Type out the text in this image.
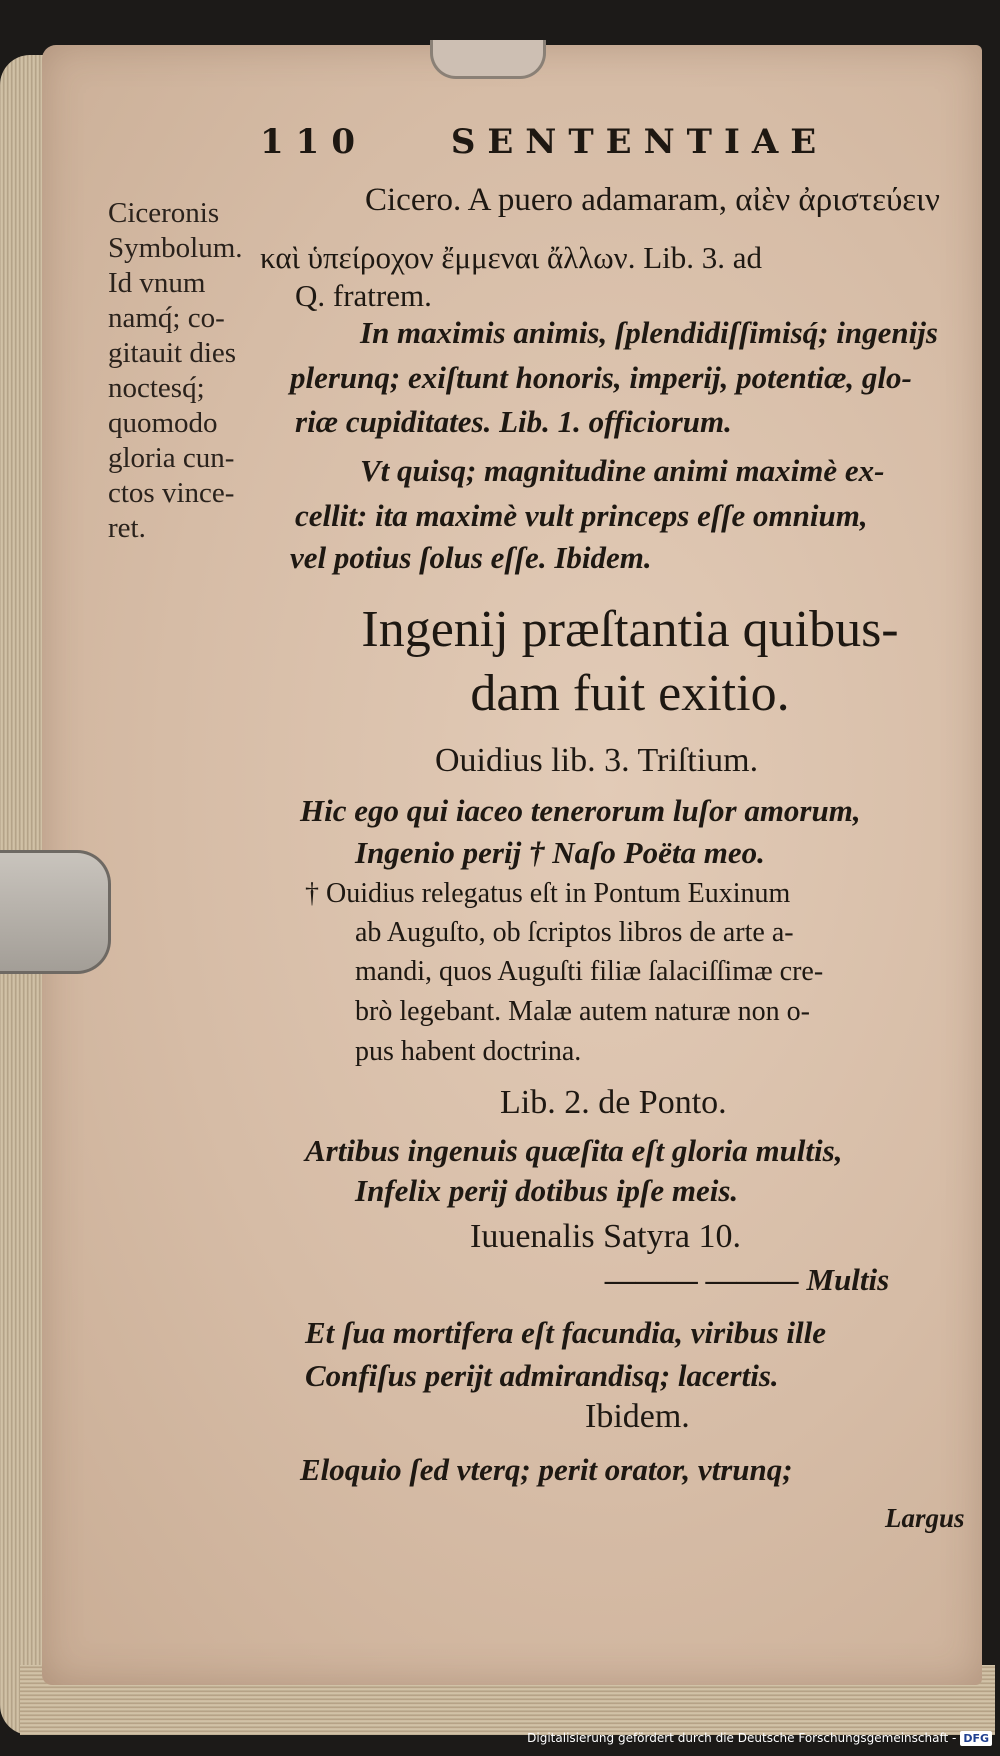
110 SENTENTIAE
Ciceronis
Symbolum.
Id vnum
namq́; co-
gitauit dies
noctesq́;
quomodo
gloria cun-
ctos vince-
ret.
Cicero. A puero adamaram, αἰὲν ἀριστεύειν
καὶ ὑπείροχον ἔμμεναι ἄλλων. Lib. 3. ad
Q. fratrem.
In maximis animis, ſplendidiſſimisq́; ingenijs
plerunq; exiſtunt honoris, imperij, potentiæ, glo-
riæ cupiditates. Lib. 1. officiorum.
Vt quisq; magnitudine animi maximè ex-
cellit: ita maximè vult princeps eſſe omnium,
vel potius ſolus eſſe. Ibidem.
Ingenij præſtantia quibus-
dam fuit exitio.
Ouidius lib. 3. Triſtium.
Hic ego qui iaceo tenerorum luſor amorum,
Ingenio perij † Naſo Poëta meo.
† Ouidius relegatus eſt in Pontum Euxinum
ab Auguſto, ob ſcriptos libros de arte a-
mandi, quos Auguſti filiæ ſalaciſſimæ cre-
brò legebant. Malæ autem naturæ non o-
pus habent doctrina.
Lib. 2. de Ponto.
Artibus ingenuis quæſita eſt gloria multis,
Infelix perij dotibus ipſe meis.
Iuuenalis Satyra 10.
——— ——— Multis
Et ſua mortifera eſt facundia, viribus ille
Confiſus perijt admirandisq; lacertis.
Ibidem.
Eloquio ſed vterq; perit orator, vtrunq;
Largus
Digitalisierung gefördert durch die Deutsche Forschungsgemeinschaft - DFG
